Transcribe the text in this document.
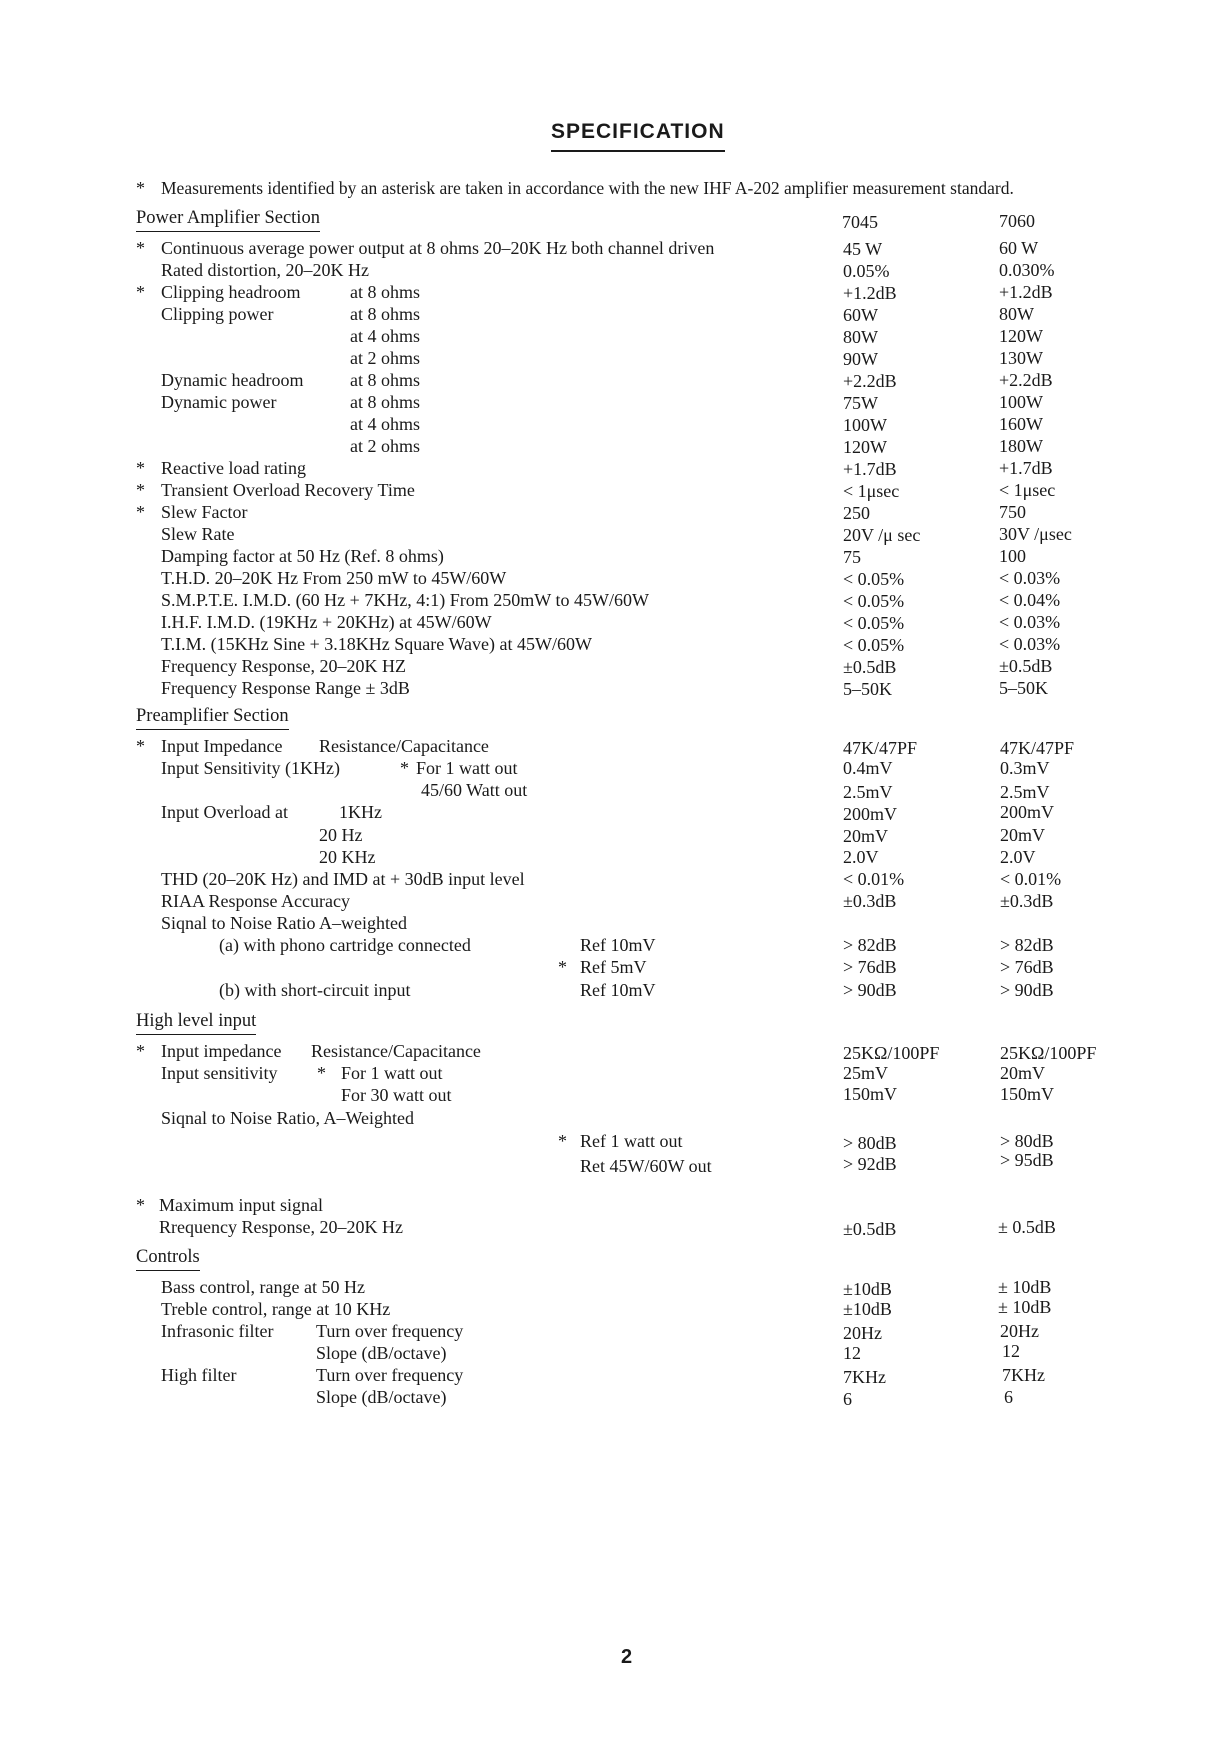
SPECIFICATION
* Measurements identified by an asterisk are taken in accordance with the new IHF A-202 amplifier measurement standard.
Power Amplifier Section	7045	7060
* Continuous average power output at 8 ohms 20–20K Hz both channel driven	45 W	60 W
Rated distortion, 20–20K Hz	0.05%	0.030%
* Clipping headroom	at 8 ohms	+1.2dB	+1.2dB
Clipping power	at 8 ohms	60W	80W
at 4 ohms	80W	120W
at 2 ohms	90W	130W
Dynamic headroom	at 8 ohms	+2.2dB	+2.2dB
Dynamic power	at 8 ohms	75W	100W
at 4 ohms	100W	160W
at 2 ohms	120W	180W
* Reactive load rating	+1.7dB	+1.7dB
* Transient Overload Recovery Time	< 1μsec	< 1μsec
* Slew Factor	250	750
Slew Rate	20V /μ sec	30V /μsec
Damping factor at 50 Hz (Ref. 8 ohms)	75	100
T.H.D. 20–20K Hz From 250 mW to 45W/60W	< 0.05%	< 0.03%
S.M.P.T.E. I.M.D. (60 Hz + 7KHz, 4:1) From 250mW to 45W/60W	< 0.05%	< 0.04%
I.H.F. I.M.D. (19KHz + 20KHz) at 45W/60W	< 0.05%	< 0.03%
T.I.M. (15KHz Sine + 3.18KHz Square Wave) at 45W/60W	< 0.05%	< 0.03%
Frequency Response, 20–20K HZ	±0.5dB	±0.5dB
Frequency Response Range ± 3dB	5–50K	5–50K
Preamplifier Section
* Input Impedance Resistance/Capacitance	47K/47PF	47K/47PF
Input Sensitivity (1KHz)	* For 1 watt out	0.4mV	0.3mV
45/60 Watt out	2.5mV	2.5mV
Input Overload at	1KHz	200mV	200mV
20 Hz	20mV	20mV
20 KHz	2.0V	2.0V
THD (20–20K Hz) and IMD at + 30dB input level	< 0.01%	< 0.01%
RIAA Response Accuracy	±0.3dB	±0.3dB
Siqnal to Noise Ratio A–weighted
(a) with phono cartridge connected	Ref 10mV	> 82dB	> 82dB
* Ref 5mV	> 76dB	> 76dB
(b) with short-circuit input	Ref 10mV	> 90dB	> 90dB
High level input
* Input impedance Resistance/Capacitance	25KΩ/100PF	25KΩ/100PF
Input sensitivity * For 1 watt out	25mV	20mV
For 30 watt out	150mV	150mV
Siqnal to Noise Ratio, A–Weighted
* Ref 1 watt out	> 80dB	> 80dB
Ret 45W/60W out	> 92dB	> 95dB
* Maximum input signal
Rrequency Response, 20–20K Hz	±0.5dB	± 0.5dB
Controls
Bass control, range at 50 Hz	±10dB	± 10dB
Treble control, range at 10 KHz	±10dB	± 10dB
Infrasonic filter Turn over frequency	20Hz	20Hz
Slope (dB/octave)	12	12
High filter	Turn over frequency	7KHz	7KHz
Slope (dB/octave)	6	6
2
